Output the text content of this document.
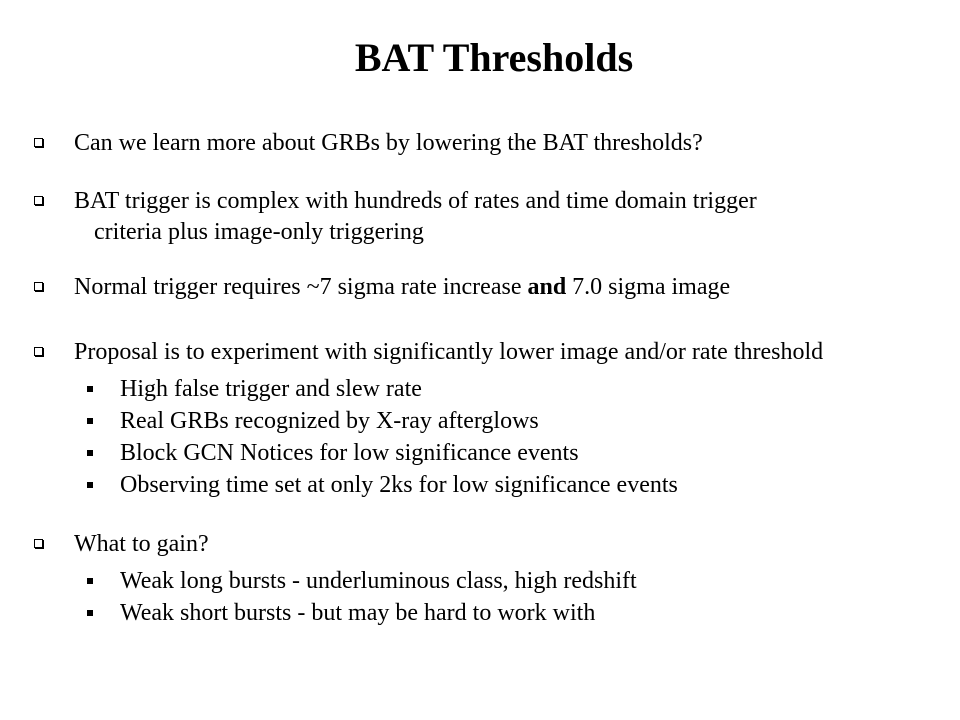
BAT Thresholds
Can we learn more about GRBs by lowering the BAT thresholds?
BAT trigger is complex with hundreds of rates and time domain trigger
criteria plus image-only triggering
Normal trigger requires ~7 sigma rate increase and 7.0 sigma image
Proposal is to experiment with significantly lower image and/or rate threshold
High false trigger and slew rate
Real GRBs recognized by X-ray afterglows
Block GCN Notices for low significance events
Observing time set at only 2ks for low significance events
What to gain?
Weak long bursts - underluminous class, high redshift
Weak short bursts - but may be hard to work with
